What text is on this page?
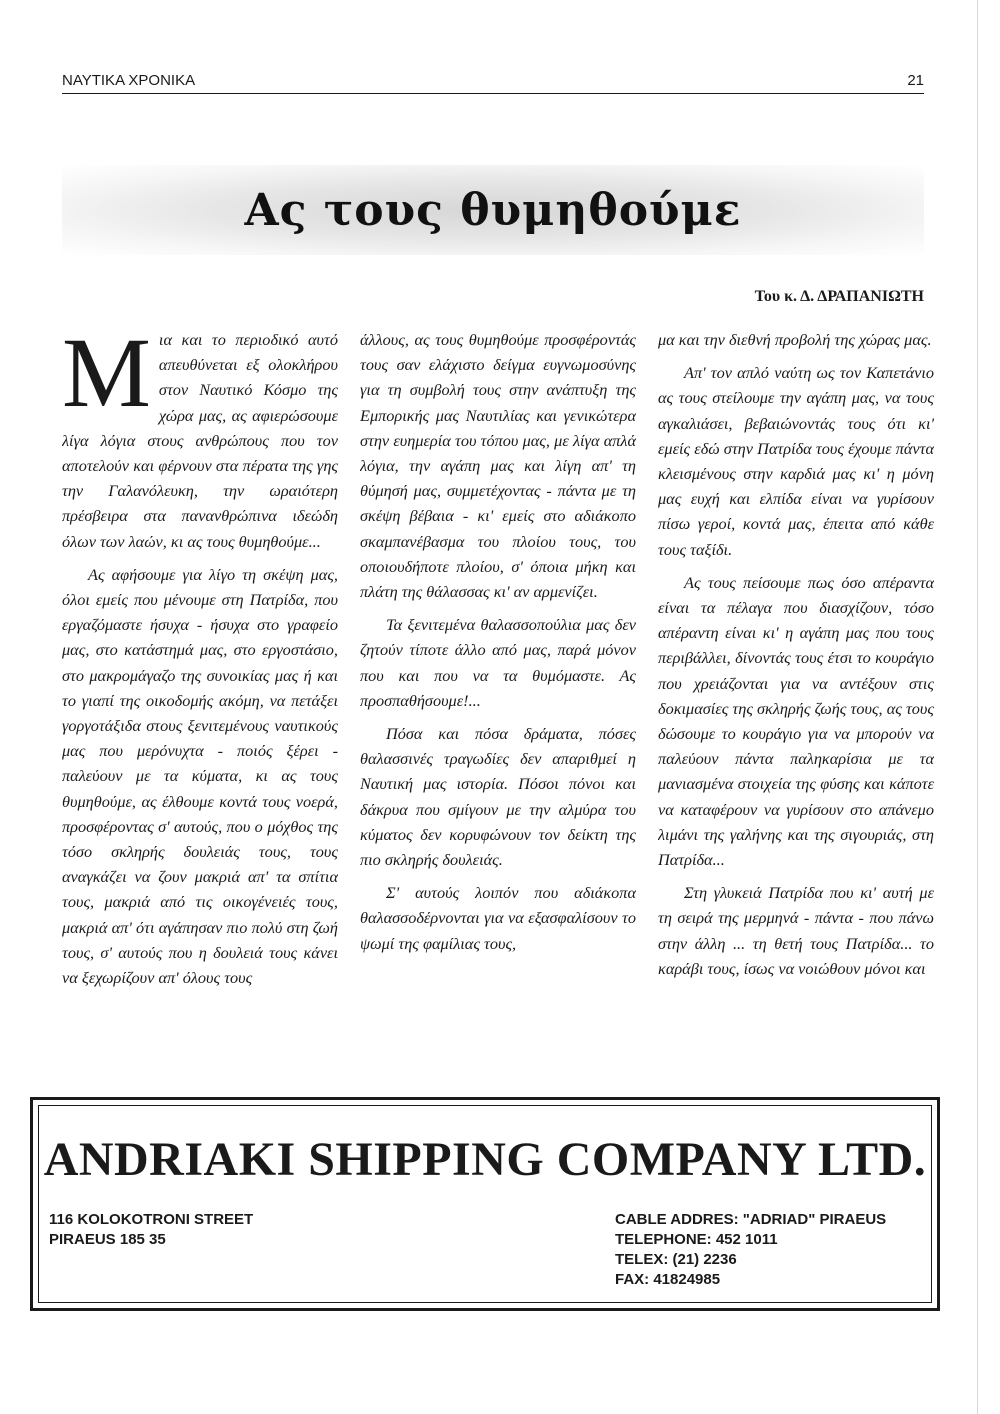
ΝΑΥΤΙΚΑ ΧΡΟΝΙΚΑ	21
Ας τους θυμηθούμε
Του κ. Δ. ΔΡΑΠΑΝΙΩΤΗ

Μια και το περιοδικό αυτό απευθύνεται εξ ολοκλήρου στον Ναυτικό Κόσμο της χώρα μας, ας αφιερώσουμε λίγα λόγια στους ανθρώπους που τον αποτελούν και φέρνουν στα πέρατα της γης την Γαλανόλευκη, την ωραιότερη πρέσβειρα στα πανανθρώπινα ιδεώδη όλων των λαών, κι ας τους θυμηθούμε...

Ας αφήσουμε για λίγο τη σκέψη μας, όλοι εμείς που μένουμε στη Πατρίδα, που εργαζόμαστε ήσυχα - ήσυχα στο γραφείο μας, στο κατάστημά μας, στο εργοστάσιο, στο μακρομάγαζο της συνοικίας μας ή και το γιαπί της οικοδομής ακόμη, να πετάξει γοργοτάξιδα στους ξενιτεμένους ναυτικούς μας που μερόνυχτα - ποιός ξέρει - παλεύουν με τα κύματα, κι ας τους θυμηθούμε, ας έλθουμε κοντά τους νοερά, προσφέροντας σ' αυτούς, που ο μόχθος της τόσο σκληρής δουλειάς τους, τους αναγκάζει να ζουν μακριά απ' τα σπίτια τους, μακριά από τις οικογένειές τους, μακριά απ' ότι αγάπησαν πιο πολύ στη ζωή τους, σ' αυτούς που η δουλειά τους κάνει να ξεχωρίζουν απ' όλους τους

άλλους, ας τους θυμηθούμε προσφέροντάς τους σαν ελάχιστο δείγμα ευγνωμοσύνης για τη συμβολή τους στην ανάπτυξη της Εμπορικής μας Ναυτιλίας και γενικώτερα στην ευημερία του τόπου μας, με λίγα απλά λόγια, την αγάπη μας και λίγη απ' τη θύμησή μας, συμμετέχοντας - πάντα με τη σκέψη βέβαια - κι' εμείς στο αδιάκοπο σκαμπανέβασμα του πλοίου τους, του οποιουδήποτε πλοίου, σ' όποια μήκη και πλάτη της θάλασσας κι' αν αρμενίζει.

Τα ξενιτεμένα θαλασσοπούλια μας δεν ζητούν τίποτε άλλο από μας, παρά μόνον που και που να τα θυμόμαστε. Ας προσπαθήσουμε!...

Πόσα και πόσα δράματα, πόσες θαλασσινές τραγωδίες δεν απαριθμεί η Ναυτική μας ιστορία. Πόσοι πόνοι και δάκρυα που σμίγουν με την αλμύρα του κύματος δεν κορυφώνουν τον δείκτη της πιο σκληρής δουλειάς.

Σ' αυτούς λοιπόν που αδιάκοπα θαλασσοδέρνονται για να εξασφαλίσουν το ψωμί της φαμίλιας τους,

μα και την διεθνή προβολή της χώρας μας.

Απ' τον απλό ναύτη ως τον Καπετάνιο ας τους στείλουμε την αγάπη μας, να τους αγκαλιάσει, βεβαιώνοντάς τους ότι κι' εμείς εδώ στην Πατρίδα τους έχουμε πάντα κλεισμένους στην καρδιά μας κι' η μόνη μας ευχή και ελπίδα είναι να γυρίσουν πίσω γεροί, κοντά μας, έπειτα από κάθε τους ταξίδι.

Ας τους πείσουμε πως όσο απέραντα είναι τα πέλαγα που διασχίζουν, τόσο απέραντη είναι κι' η αγάπη μας που τους περιβάλλει, δίνοντάς τους έτσι το κουράγιο που χρειάζονται για να αντέξουν στις δοκιμασίες της σκληρής ζωής τους, ας τους δώσουμε το κουράγιο για να μπορούν να παλεύουν πάντα παληκαρίσια με τα μανιασμένα στοιχεία της φύσης και κάποτε να καταφέρουν να γυρίσουν στο απάνεμο λιμάνι της γαλήνης και της σιγουριάς, στη Πατρίδα...

Στη γλυκειά Πατρίδα που κι' αυτή με τη σειρά της μερμηνά - πάντα - που πάνω στην άλλη ... τη θετή τους Πατρίδα... το καράβι τους, ίσως να νοιώθουν μόνοι και

ANDRIAKI SHIPPING COMPANY LTD.
116 KOLOKOTRONI STREET
PIRAEUS 185 35
CABLE ADDRES: "ADRIAD" PIRAEUS
TELEPHONE: 452 1011
TELEX: (21) 2236
FAX: 41824985
